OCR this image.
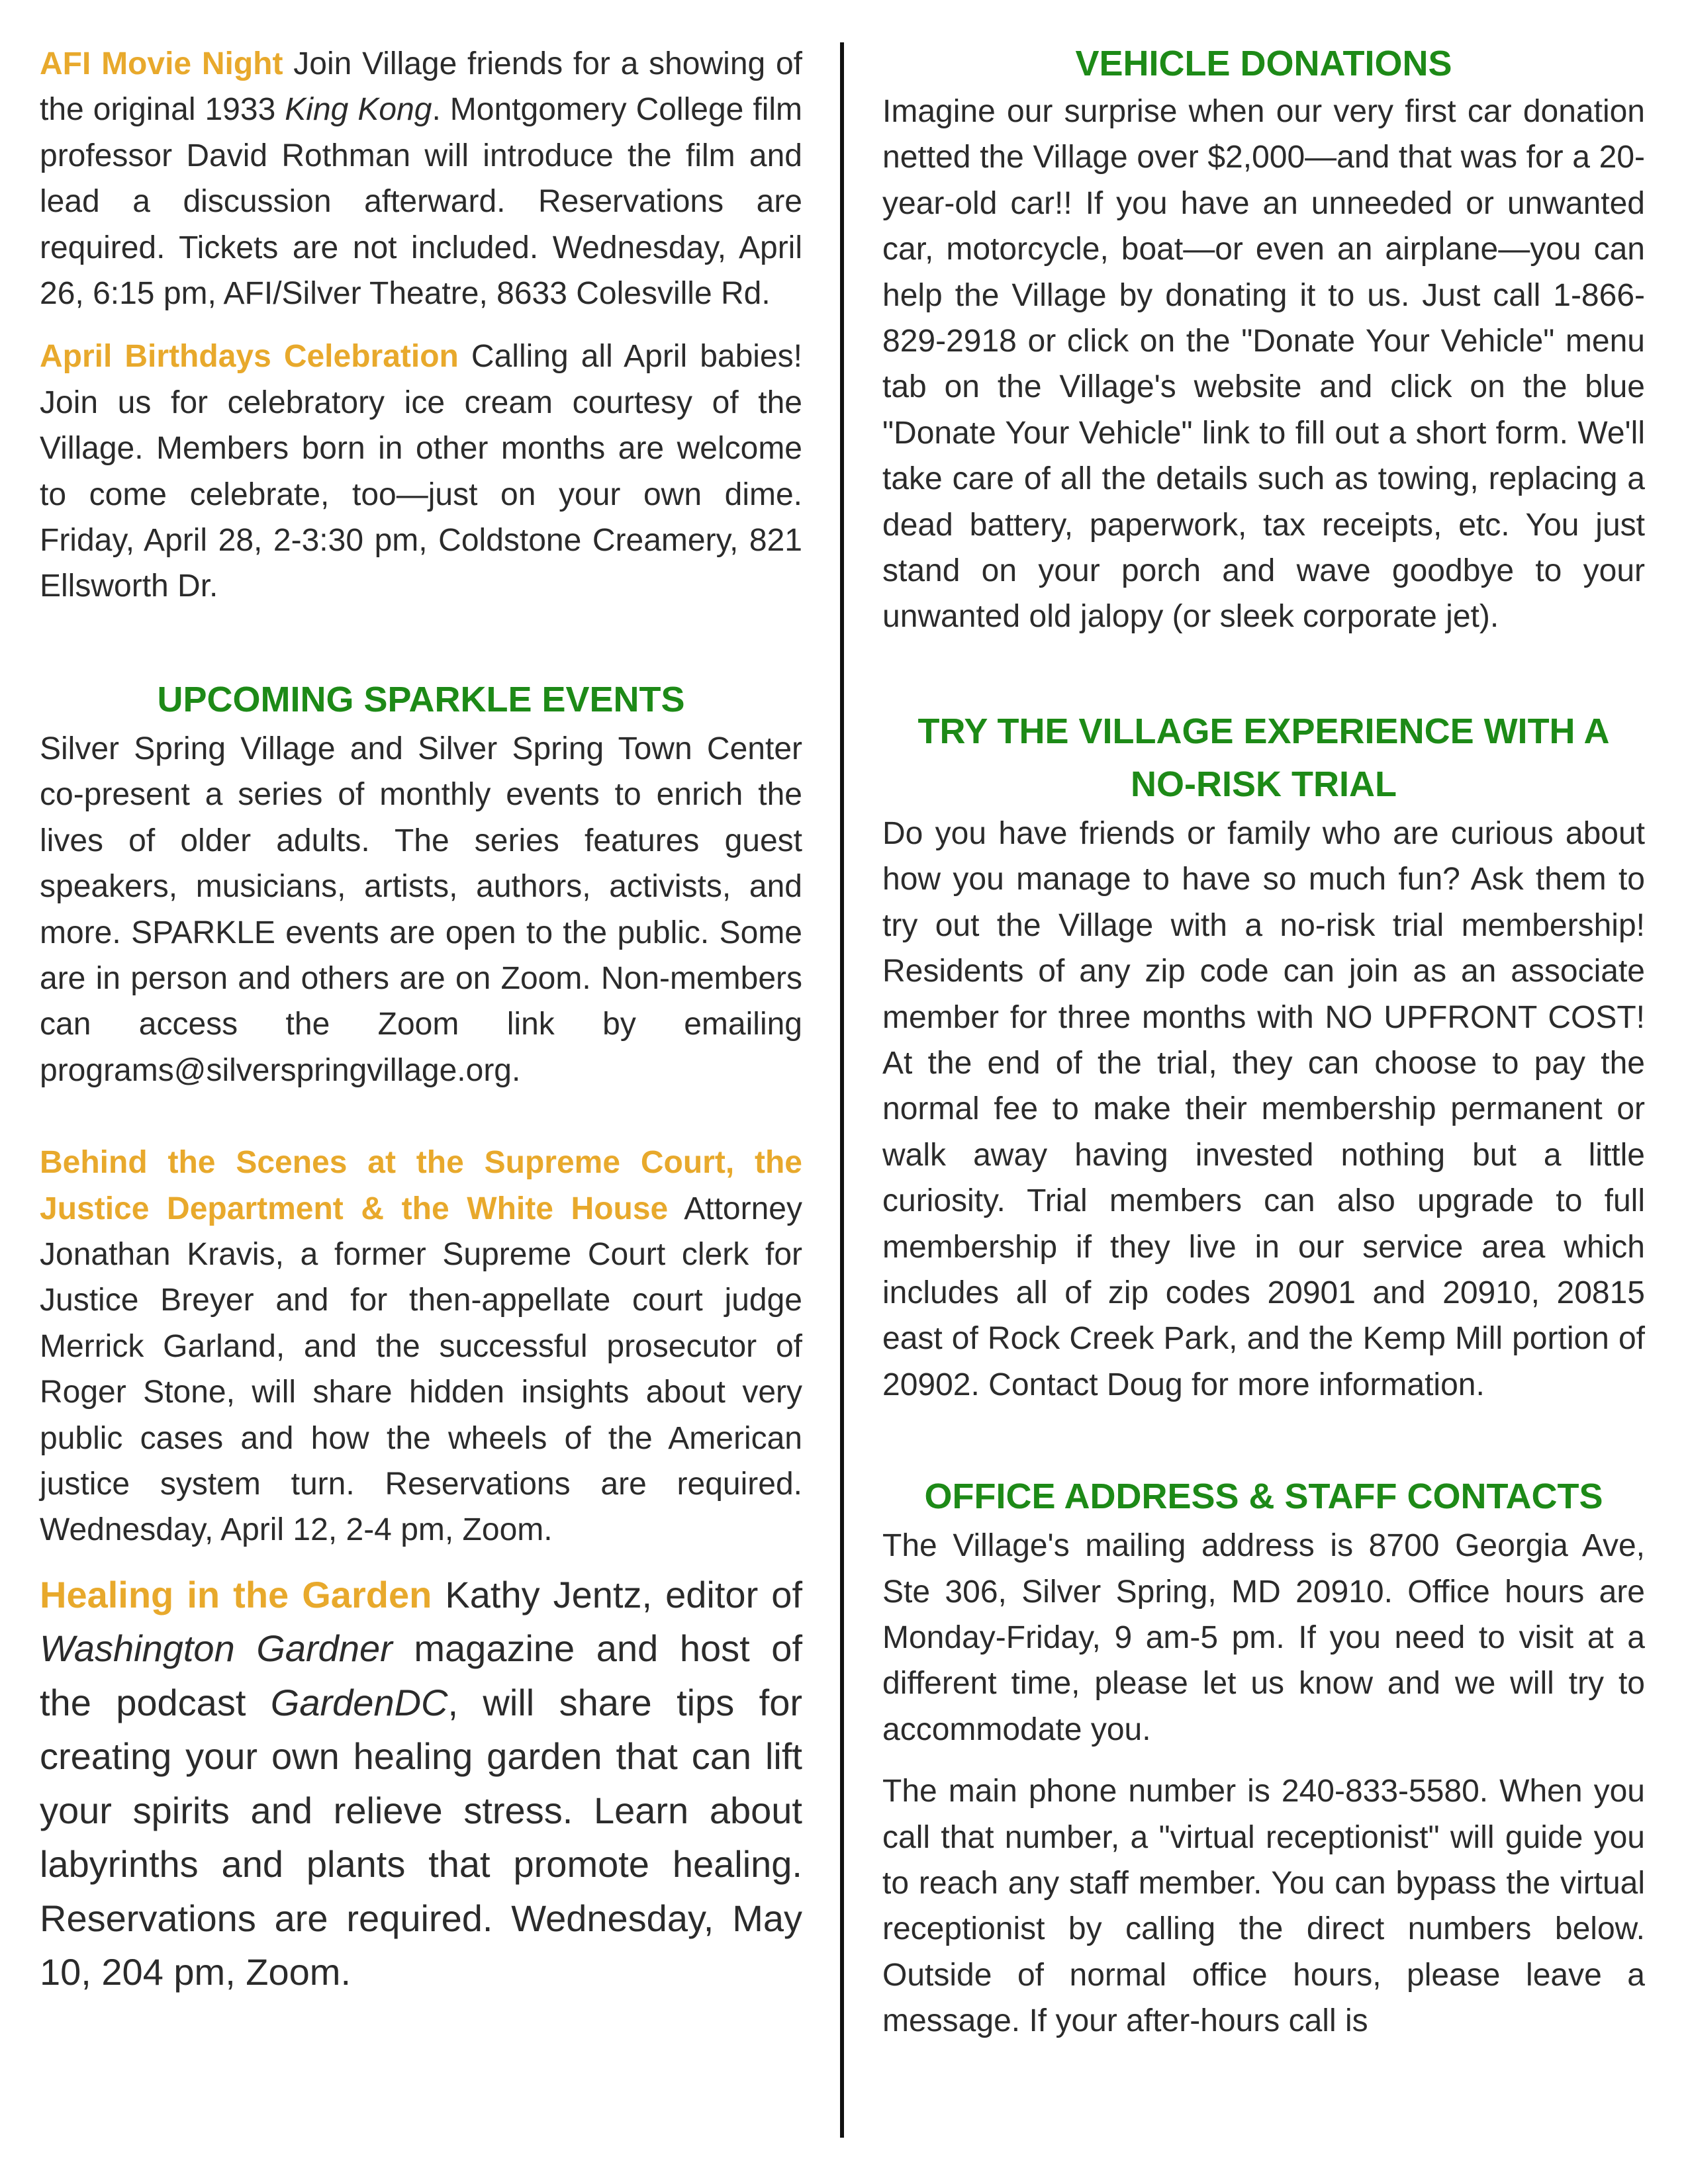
AFI Movie Night Join Village friends for a showing of the original 1933 King Kong. Montgomery College film professor David Rothman will introduce the film and lead a discussion afterward. Reservations are required. Tickets are not included. Wednesday, April 26, 6:15 pm, AFI/Silver Theatre, 8633 Colesville Rd.

April Birthdays Celebration Calling all April babies! Join us for celebratory ice cream courtesy of the Village. Members born in other months are welcome to come celebrate, too—just on your own dime. Friday, April 28, 2-3:30 pm, Coldstone Creamery, 821 Ellsworth Dr.

UPCOMING SPARKLE EVENTS

Silver Spring Village and Silver Spring Town Center co-present a series of monthly events to enrich the lives of older adults. The series features guest speakers, musicians, artists, authors, activists, and more. SPARKLE events are open to the public. Some are in person and others are on Zoom. Non-members can access the Zoom link by emailing programs@silverspringvillage.org.

Behind the Scenes at the Supreme Court, the Justice Department & the White House Attorney Jonathan Kravis, a former Supreme Court clerk for Justice Breyer and for then-appellate court judge Merrick Garland, and the successful prosecutor of Roger Stone, will share hidden insights about very public cases and how the wheels of the American justice system turn. Reservations are required. Wednesday, April 12, 2-4 pm, Zoom.

Healing in the Garden Kathy Jentz, editor of Washington Gardner magazine and host of the podcast GardenDC, will share tips for creating your own healing garden that can lift your spirits and relieve stress. Learn about labyrinths and plants that promote healing. Reservations are required. Wednesday, May 10, 204 pm, Zoom.

VEHICLE DONATIONS

Imagine our surprise when our very first car donation netted the Village over $2,000—and that was for a 20-year-old car!! If you have an unneeded or unwanted car, motorcycle, boat—or even an airplane—you can help the Village by donating it to us. Just call 1-866-829-2918 or click on the "Donate Your Vehicle" menu tab on the Village's website and click on the blue "Donate Your Vehicle" link to fill out a short form. We'll take care of all the details such as towing, replacing a dead battery, paperwork, tax receipts, etc. You just stand on your porch and wave goodbye to your unwanted old jalopy (or sleek corporate jet).

TRY THE VILLAGE EXPERIENCE WITH A
NO-RISK TRIAL

Do you have friends or family who are curious about how you manage to have so much fun? Ask them to try out the Village with a no-risk trial membership! Residents of any zip code can join as an associate member for three months with NO UPFRONT COST! At the end of the trial, they can choose to pay the normal fee to make their membership permanent or walk away having invested nothing but a little curiosity. Trial members can also upgrade to full membership if they live in our service area which includes all of zip codes 20901 and 20910, 20815 east of Rock Creek Park, and the Kemp Mill portion of 20902. Contact Doug for more information.

OFFICE ADDRESS & STAFF CONTACTS

The Village's mailing address is 8700 Georgia Ave, Ste 306, Silver Spring, MD 20910. Office hours are Monday-Friday, 9 am-5 pm. If you need to visit at a different time, please let us know and we will try to accommodate you.

The main phone number is 240-833-5580. When you call that number, a "virtual receptionist" will guide you to reach any staff member. You can bypass the virtual receptionist by calling the direct numbers below. Outside of normal office hours, please leave a message. If your after-hours call is
